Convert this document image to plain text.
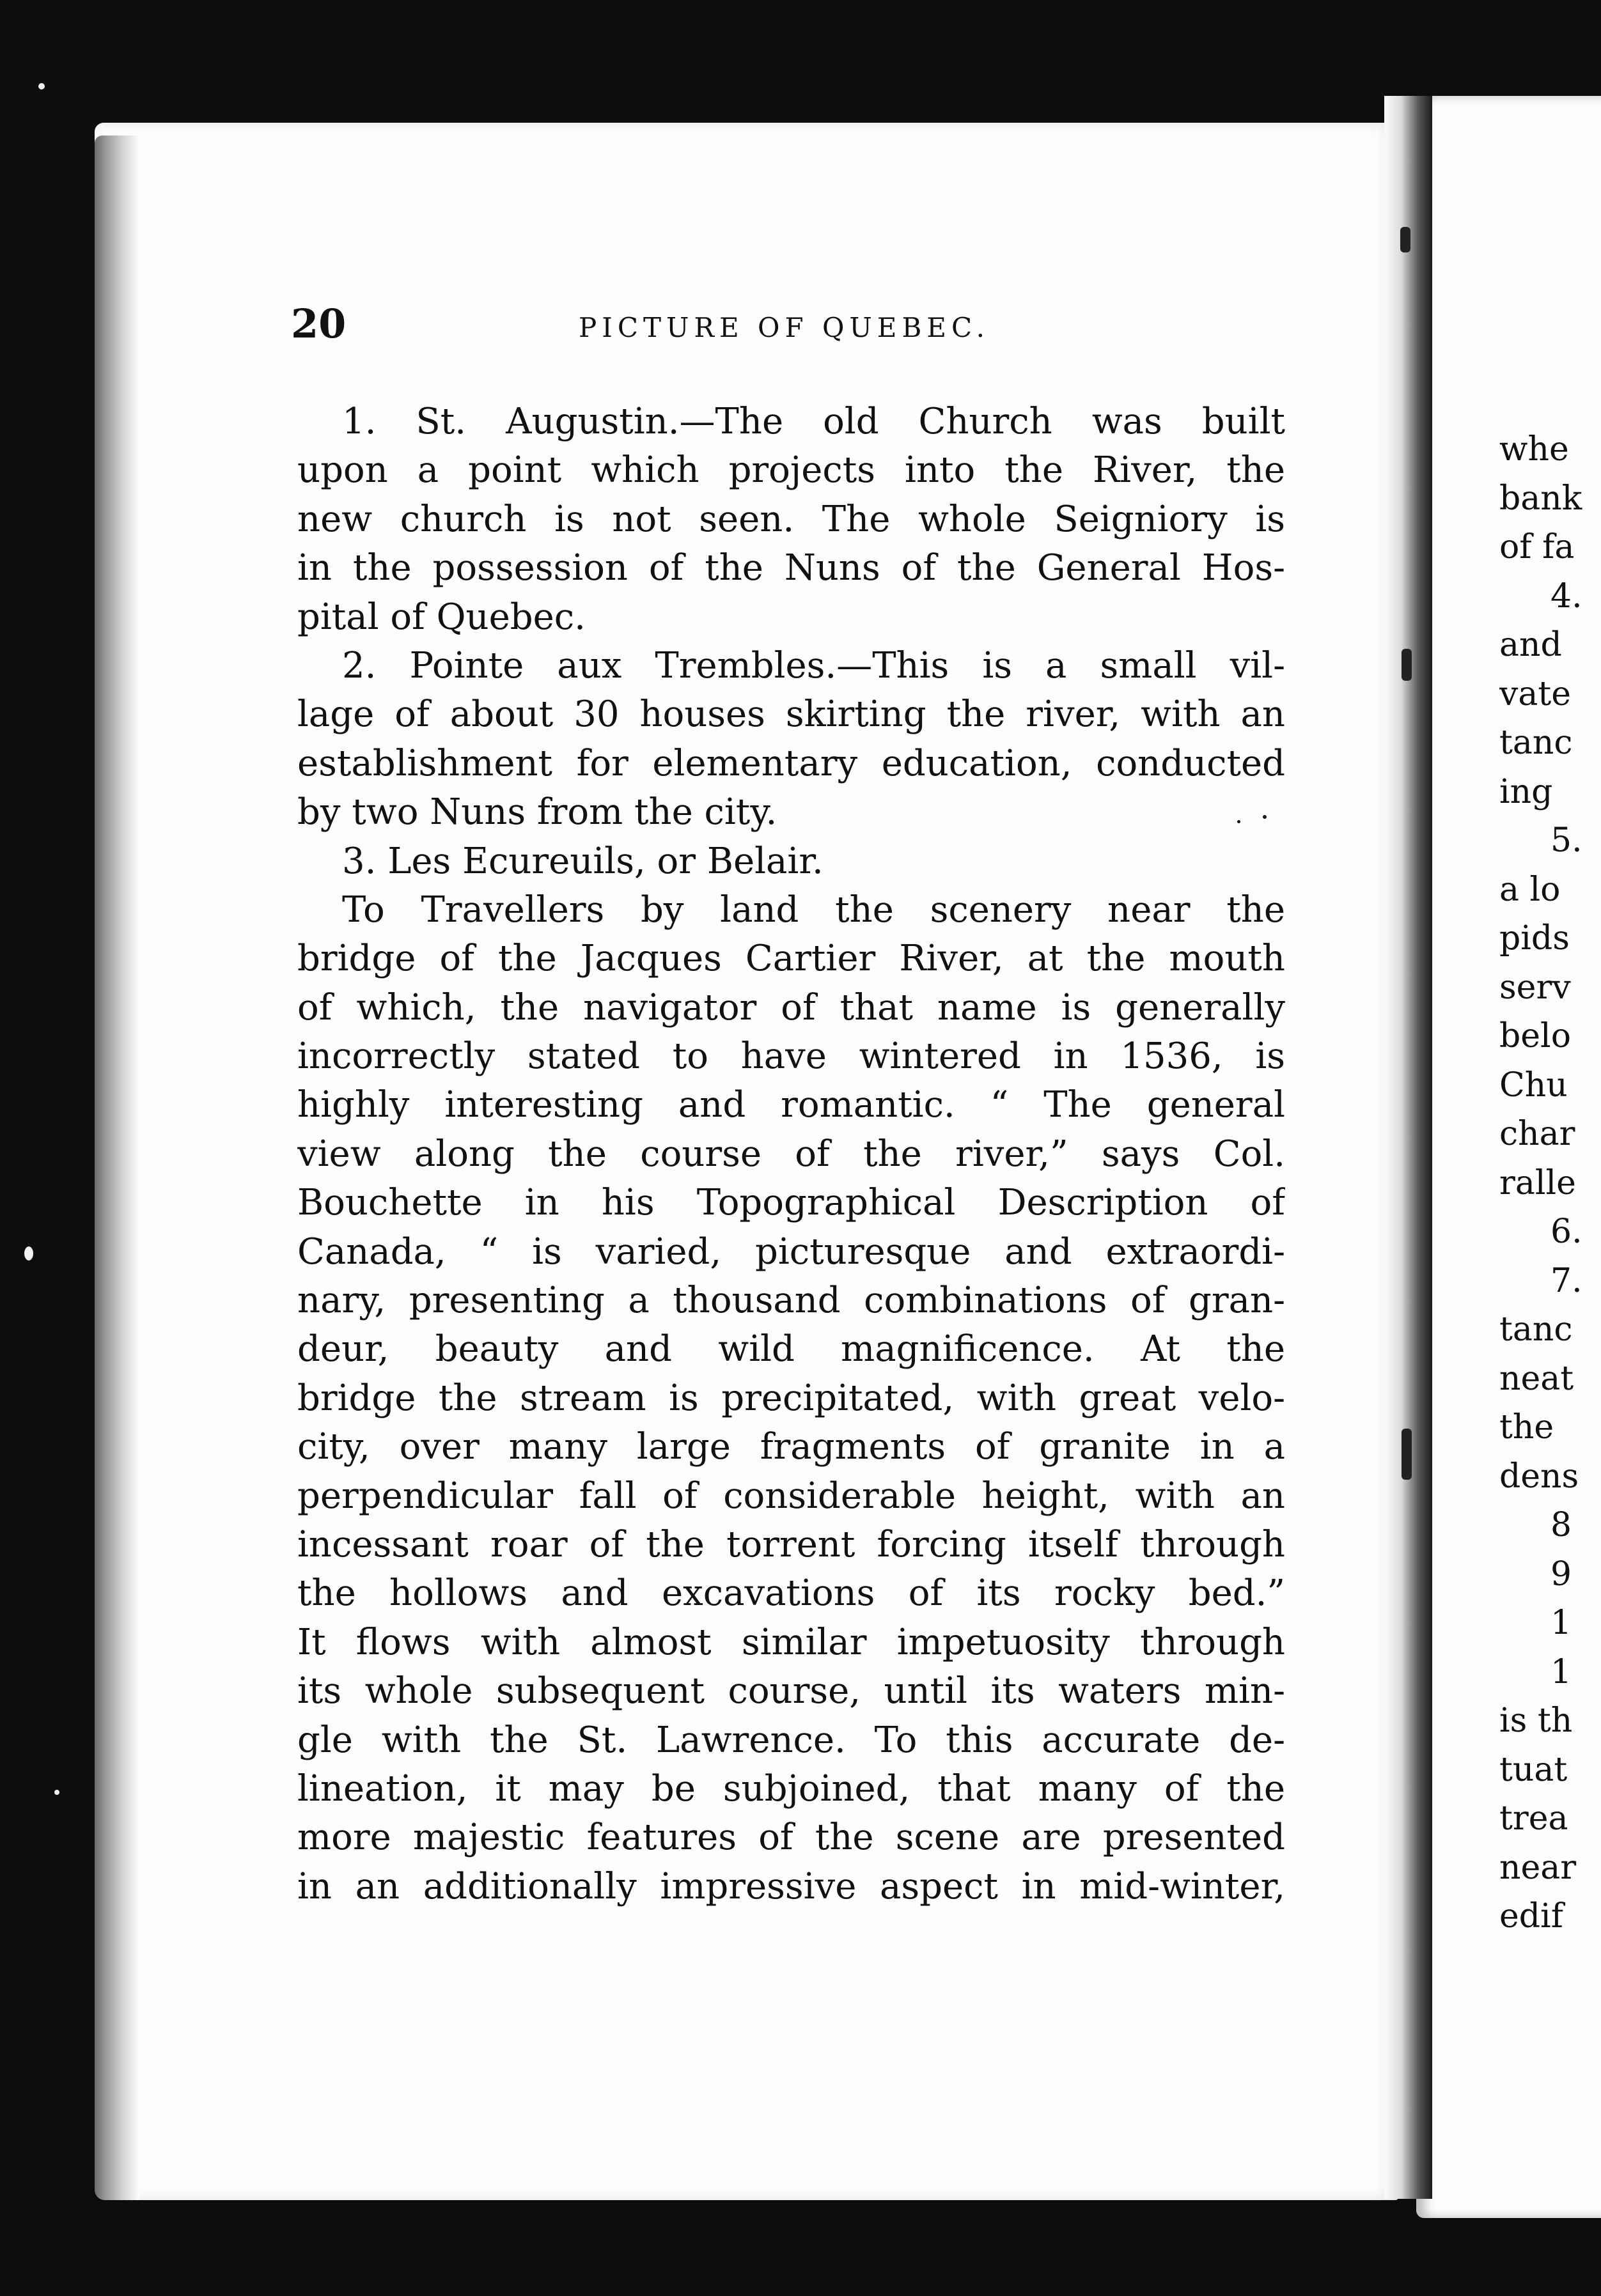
whe
bank
of fa
4.
and
vate
tanc
ing
5.
a lo
pids
serv
belo
Chu
char
ralle
6.
7.
tanc
neat
the
dens
8
9
1
1
is th
tuat
trea
near
edif
20	PICTURE OF QUEBEC.
1. St. Augustin.—The old Church was built
upon a point which projects into the River, the
new church is not seen. The whole Seigniory is
in the possession of the Nuns of the General Hos-
pital of Quebec.
2. Pointe aux Trembles.—This is a small vil-
lage of about 30 houses skirting the river, with an
establishment for elementary education, conducted
by two Nuns from the city.
3. Les Ecureuils, or Belair.
To Travellers by land the scenery near the
bridge of the Jacques Cartier River, at the mouth
of which, the navigator of that name is generally
incorrectly stated to have wintered in 1536, is
highly interesting and romantic. “ The general
view along the course of the river,” says Col.
Bouchette in his Topographical Description of
Canada, “ is varied, picturesque and extraordi-
nary, presenting a thousand combinations of gran-
deur, beauty and wild magnificence. At the
bridge the stream is precipitated, with great velo-
city, over many large fragments of granite in a
perpendicular fall of considerable height, with an
incessant roar of the torrent forcing itself through
the hollows and excavations of its rocky bed.”
It flows with almost similar impetuosity through
its whole subsequent course, until its waters min-
gle with the St. Lawrence. To this accurate de-
lineation, it may be subjoined, that many of the
more majestic features of the scene are presented
in an additionally impressive aspect in mid-winter,
